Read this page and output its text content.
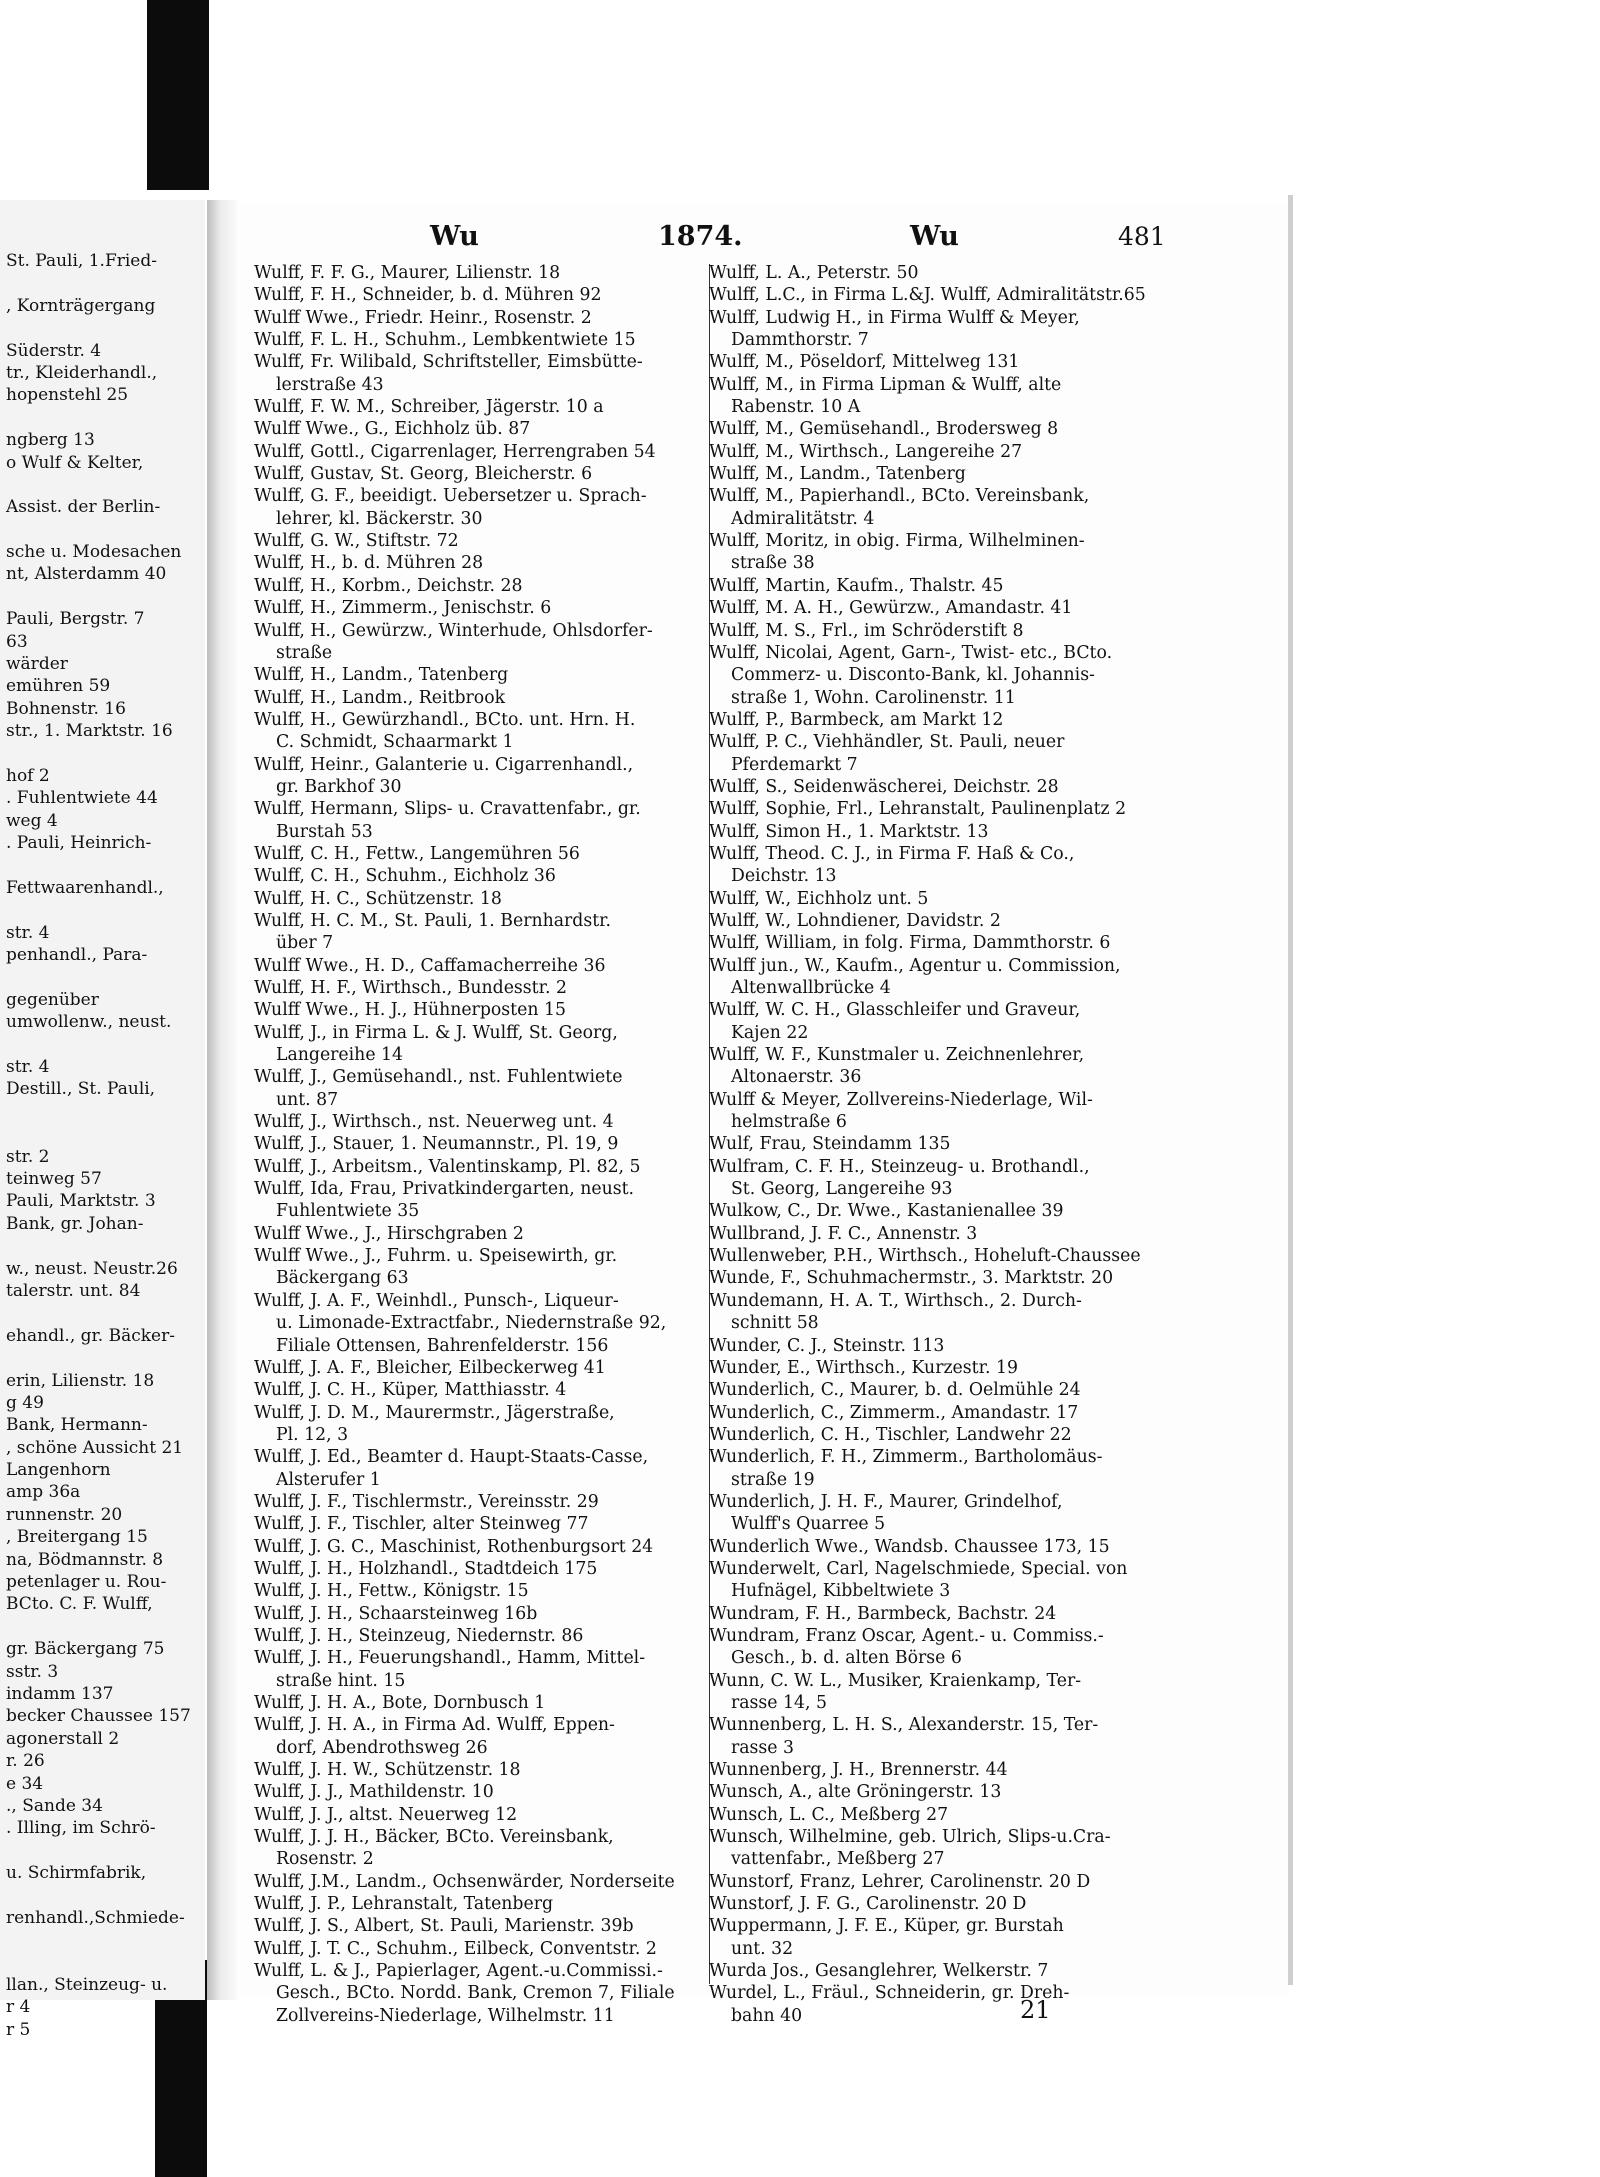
St. Pauli, 1.Fried-
, Kornträgergang
Süderstr. 4
tr., Kleiderhandl.,
hopenstehl 25
ngberg 13
o Wulf & Kelter,
Assist. der Berlin-
sche u. Modesachen
nt, Alsterdamm 40
Pauli, Bergstr. 7
63
wärder
emühren 59
Bohnenstr. 16
str., 1. Marktstr. 16
hof 2
. Fuhlentwiete 44
weg 4
. Pauli, Heinrich-
Fettwaarenhandl.,
str. 4
penhandl., Para-
gegenüber
umwollenw., neust.
str. 4
Destill., St. Pauli,
str. 2
teinweg 57
Pauli, Marktstr. 3
Bank, gr. Johan-
w., neust. Neustr.26
talerstr. unt. 84
ehandl., gr. Bäcker-
erin, Lilienstr. 18
g 49
Bank, Hermann-
, schöne Aussicht 21
Langenhorn
amp 36a
runnenstr. 20
, Breitergang 15
na, Bödmannstr. 8
petenlager u. Rou-
BCto. C. F. Wulff,
gr. Bäckergang 75
sstr. 3
indamm 137
becker Chaussee 157
agonerstall 2
r. 26
e 34
., Sande 34
. Illing, im Schrö-
u. Schirmfabrik,
renhandl.,Schmiede-
llan., Steinzeug- u.
r 4
r 5
Wu	1874.	Wu	481
Wulff, F. F. G., Maurer, Lilienstr. 18
Wulff, F. H., Schneider, b. d. Mühren 92
Wulff Wwe., Friedr. Heinr., Rosenstr. 2
Wulff, F. L. H., Schuhm., Lembkentwiete 15
Wulff, Fr. Wilibald, Schriftsteller, Eimsbütte-
lerstraße 43
Wulff, F. W. M., Schreiber, Jägerstr. 10 a
Wulff Wwe., G., Eichholz üb. 87
Wulff, Gottl., Cigarrenlager, Herrengraben 54
Wulff, Gustav, St. Georg, Bleicherstr. 6
Wulff, G. F., beeidigt. Uebersetzer u. Sprach-
lehrer, kl. Bäckerstr. 30
Wulff, G. W., Stiftstr. 72
Wulff, H., b. d. Mühren 28
Wulff, H., Korbm., Deichstr. 28
Wulff, H., Zimmerm., Jenischstr. 6
Wulff, H., Gewürzw., Winterhude, Ohlsdorfer-
straße
Wulff, H., Landm., Tatenberg
Wulff, H., Landm., Reitbrook
Wulff, H., Gewürzhandl., BCto. unt. Hrn. H.
C. Schmidt, Schaarmarkt 1
Wulff, Heinr., Galanterie u. Cigarrenhandl.,
gr. Barkhof 30
Wulff, Hermann, Slips- u. Cravattenfabr., gr.
Burstah 53
Wulff, C. H., Fettw., Langemühren 56
Wulff, C. H., Schuhm., Eichholz 36
Wulff, H. C., Schützenstr. 18
Wulff, H. C. M., St. Pauli, 1. Bernhardstr.
über 7
Wulff Wwe., H. D., Caffamacherreihe 36
Wulff, H. F., Wirthsch., Bundesstr. 2
Wulff Wwe., H. J., Hühnerposten 15
Wulff, J., in Firma L. & J. Wulff, St. Georg,
Langereihe 14
Wulff, J., Gemüsehandl., nst. Fuhlentwiete
unt. 87
Wulff, J., Wirthsch., nst. Neuerweg unt. 4
Wulff, J., Stauer, 1. Neumannstr., Pl. 19, 9
Wulff, J., Arbeitsm., Valentinskamp, Pl. 82, 5
Wulff, Ida, Frau, Privatkindergarten, neust.
Fuhlentwiete 35
Wulff Wwe., J., Hirschgraben 2
Wulff Wwe., J., Fuhrm. u. Speisewirth, gr.
Bäckergang 63
Wulff, J. A. F., Weinhdl., Punsch-, Liqueur-
u. Limonade-Extractfabr., Niedernstraße 92,
Filiale Ottensen, Bahrenfelderstr. 156
Wulff, J. A. F., Bleicher, Eilbeckerweg 41
Wulff, J. C. H., Küper, Matthiasstr. 4
Wulff, J. D. M., Maurermstr., Jägerstraße,
Pl. 12, 3
Wulff, J. Ed., Beamter d. Haupt-Staats-Casse,
Alsterufer 1
Wulff, J. F., Tischlermstr., Vereinsstr. 29
Wulff, J. F., Tischler, alter Steinweg 77
Wulff, J. G. C., Maschinist, Rothenburgsort 24
Wulff, J. H., Holzhandl., Stadtdeich 175
Wulff, J. H., Fettw., Königstr. 15
Wulff, J. H., Schaarsteinweg 16b
Wulff, J. H., Steinzeug, Niedernstr. 86
Wulff, J. H., Feuerungshandl., Hamm, Mittel-
straße hint. 15
Wulff, J. H. A., Bote, Dornbusch 1
Wulff, J. H. A., in Firma Ad. Wulff, Eppen-
dorf, Abendrothsweg 26
Wulff, J. H. W., Schützenstr. 18
Wulff, J. J., Mathildenstr. 10
Wulff, J. J., altst. Neuerweg 12
Wulff, J. J. H., Bäcker, BCto. Vereinsbank,
Rosenstr. 2
Wulff, J.M., Landm., Ochsenwärder, Norderseite
Wulff, J. P., Lehranstalt, Tatenberg
Wulff, J. S., Albert, St. Pauli, Marienstr. 39b
Wulff, J. T. C., Schuhm., Eilbeck, Conventstr. 2
Wulff, L. & J., Papierlager, Agent.-u.Commissi.-
Gesch., BCto. Nordd. Bank, Cremon 7, Filiale
Zollvereins-Niederlage, Wilhelmstr. 11
Wulff, L. A., Peterstr. 50
Wulff, L.C., in Firma L.&J. Wulff, Admiralitätstr.65
Wulff, Ludwig H., in Firma Wulff & Meyer,
Dammthorstr. 7
Wulff, M., Pöseldorf, Mittelweg 131
Wulff, M., in Firma Lipman & Wulff, alte
Rabenstr. 10 A
Wulff, M., Gemüsehandl., Brodersweg 8
Wulff, M., Wirthsch., Langereihe 27
Wulff, M., Landm., Tatenberg
Wulff, M., Papierhandl., BCto. Vereinsbank,
Admiralitätstr. 4
Wulff, Moritz, in obig. Firma, Wilhelminen-
straße 38
Wulff, Martin, Kaufm., Thalstr. 45
Wulff, M. A. H., Gewürzw., Amandastr. 41
Wulff, M. S., Frl., im Schröderstift 8
Wulff, Nicolai, Agent, Garn-, Twist- etc., BCto.
Commerz- u. Disconto-Bank, kl. Johannis-
straße 1, Wohn. Carolinenstr. 11
Wulff, P., Barmbeck, am Markt 12
Wulff, P. C., Viehhändler, St. Pauli, neuer
Pferdemarkt 7
Wulff, S., Seidenwäscherei, Deichstr. 28
Wulff, Sophie, Frl., Lehranstalt, Paulinenplatz 2
Wulff, Simon H., 1. Marktstr. 13
Wulff, Theod. C. J., in Firma F. Haß & Co.,
Deichstr. 13
Wulff, W., Eichholz unt. 5
Wulff, W., Lohndiener, Davidstr. 2
Wulff, William, in folg. Firma, Dammthorstr. 6
Wulff jun., W., Kaufm., Agentur u. Commission,
Altenwallbrücke 4
Wulff, W. C. H., Glasschleifer und Graveur,
Kajen 22
Wulff, W. F., Kunstmaler u. Zeichnenlehrer,
Altonaerstr. 36
Wulff & Meyer, Zollvereins-Niederlage, Wil-
helmstraße 6
Wulf, Frau, Steindamm 135
Wulfram, C. F. H., Steinzeug- u. Brothandl.,
St. Georg, Langereihe 93
Wulkow, C., Dr. Wwe., Kastanienallee 39
Wullbrand, J. F. C., Annenstr. 3
Wullenweber, P.H., Wirthsch., Hoheluft-Chaussee
Wunde, F., Schuhmachermstr., 3. Marktstr. 20
Wundemann, H. A. T., Wirthsch., 2. Durch-
schnitt 58
Wunder, C. J., Steinstr. 113
Wunder, E., Wirthsch., Kurzestr. 19
Wunderlich, C., Maurer, b. d. Oelmühle 24
Wunderlich, C., Zimmerm., Amandastr. 17
Wunderlich, C. H., Tischler, Landwehr 22
Wunderlich, F. H., Zimmerm., Bartholomäus-
straße 19
Wunderlich, J. H. F., Maurer, Grindelhof,
Wulff's Quarree 5
Wunderlich Wwe., Wandsb. Chaussee 173, 15
Wunderwelt, Carl, Nagelschmiede, Special. von
Hufnägel, Kibbeltwiete 3
Wundram, F. H., Barmbeck, Bachstr. 24
Wundram, Franz Oscar, Agent.- u. Commiss.-
Gesch., b. d. alten Börse 6
Wunn, C. W. L., Musiker, Kraienkamp, Ter-
rasse 14, 5
Wunnenberg, L. H. S., Alexanderstr. 15, Ter-
rasse 3
Wunnenberg, J. H., Brennerstr. 44
Wunsch, A., alte Gröningerstr. 13
Wunsch, L. C., Meßberg 27
Wunsch, Wilhelmine, geb. Ulrich, Slips-u.Cra-
vattenfabr., Meßberg 27
Wunstorf, Franz, Lehrer, Carolinenstr. 20 D
Wunstorf, J. F. G., Carolinenstr. 20 D
Wuppermann, J. F. E., Küper, gr. Burstah
unt. 32
Wurda Jos., Gesanglehrer, Welkerstr. 7
Wurdel, L., Fräul., Schneiderin, gr. Dreh-
bahn 40	21
